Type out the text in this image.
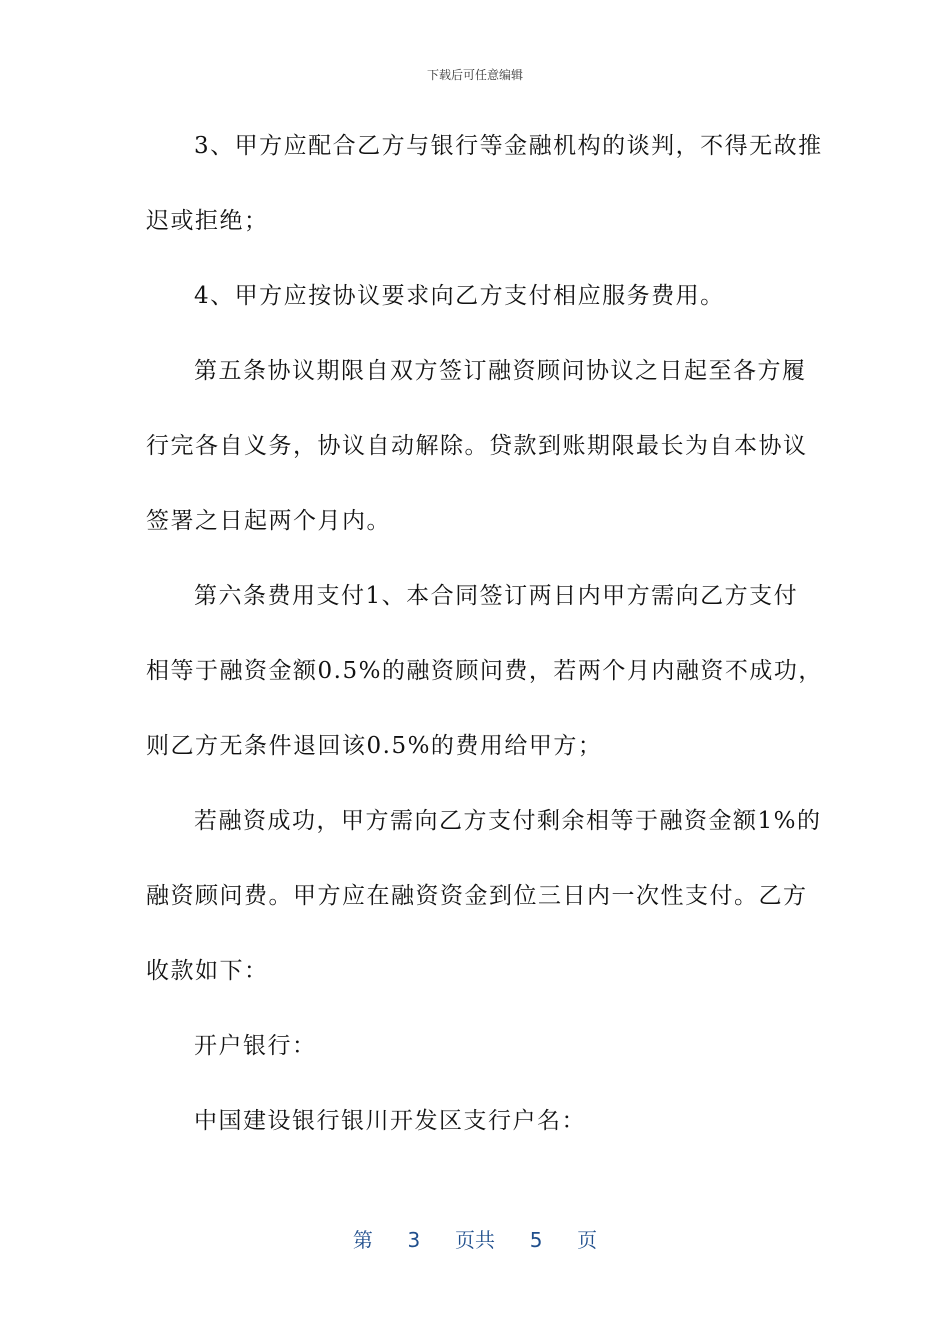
下载后可任意编辑
3、甲方应配合乙方与银行等金融机构的谈判，不得无故推
迟或拒绝；
4、甲方应按协议要求向乙方支付相应服务费用。
第五条协议期限自双方签订融资顾问协议之日起至各方履
行完各自义务，协议自动解除。贷款到账期限最长为自本协议
签署之日起两个月内。
第六条费用支付1、本合同签订两日内甲方需向乙方支付
相等于融资金额0.5%的融资顾问费，若两个月内融资不成功，
则乙方无条件退回该0.5%的费用给甲方；
若融资成功，甲方需向乙方支付剩余相等于融资金额1%的
融资顾问费。甲方应在融资资金到位三日内一次性支付。乙方
收款如下：
开户银行：
中国建设银行银川开发区支行户名：
第 3 页共 5 页
